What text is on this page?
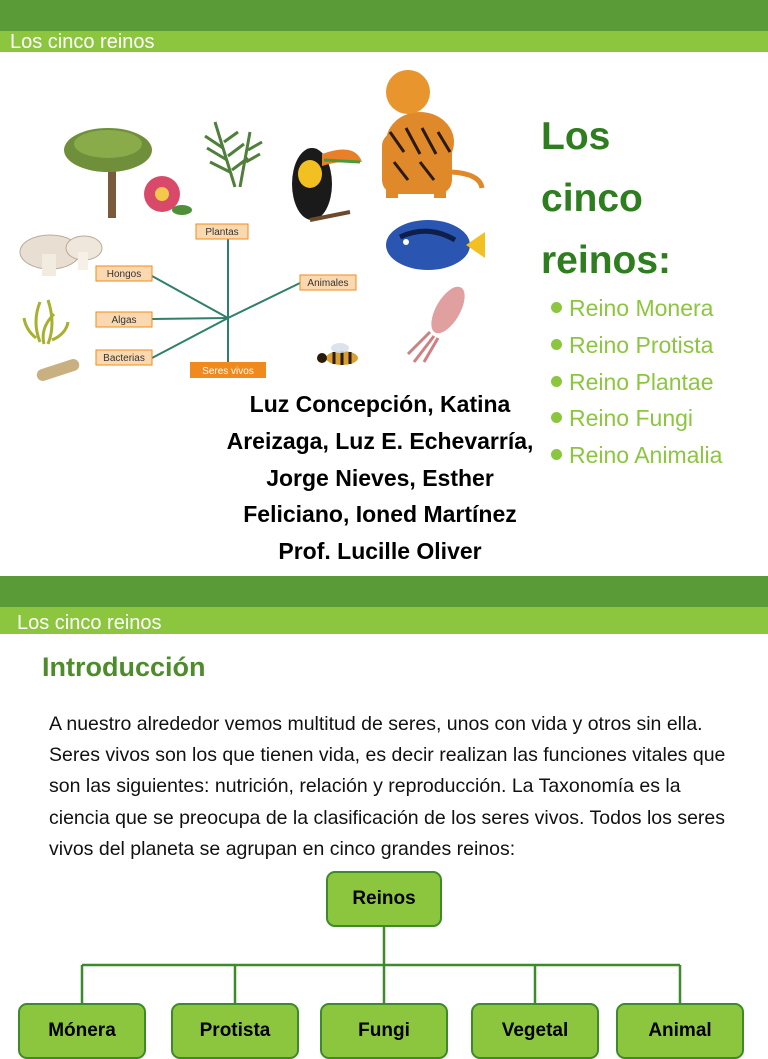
Los cinco reinos
Plantas
Hongos
Algas
Bacterias
Animales
Seres vivos
Los
cinco
reinos:
Reino Monera
Reino Protista
Reino Plantae
Reino Fungi
Reino Animalia
Luz Concepción, Katina
Areizaga, Luz E. Echevarría,
Jorge Nieves, Esther
Feliciano, Ioned Martínez
Prof. Lucille Oliver
Los cinco reinos
Introducción

A nuestro alrededor vemos multitud de seres, unos con vida y otros sin ella. Seres vivos son los que tienen vida, es decir realizan las funciones vitales que son las siguientes: nutrición, relación y reproducción. La Taxonomía es la ciencia que se preocupa de la clasificación de los seres vivos. Todos los seres vivos del planeta se agrupan en cinco grandes reinos:

Reinos
Mónera	Protista	Fungi	Vegetal	Animal
